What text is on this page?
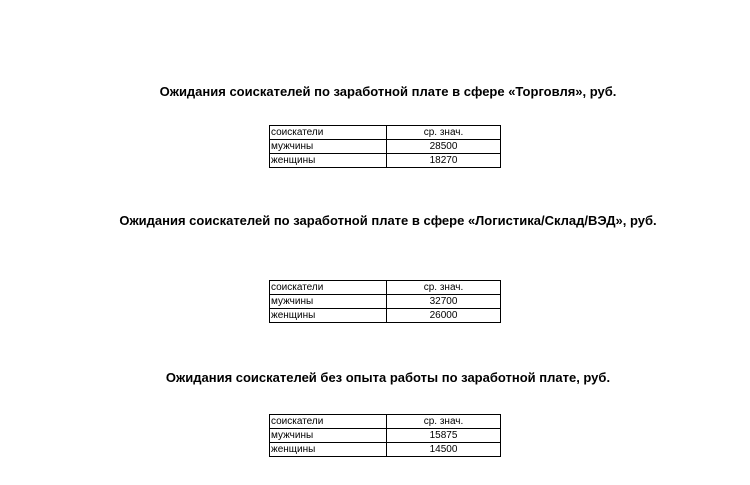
Ожидания соискателей по заработной плате в сфере «Торговля», руб.
соискатели	ср. знач.
мужчины	28500
женщины	18270
Ожидания соискателей по заработной плате в сфере «Логистика/Склад/ВЭД», руб.
соискатели	ср. знач.
мужчины	32700
женщины	26000
Ожидания соискателей без опыта работы по заработной плате, руб.
соискатели	ср. знач.
мужчины	15875
женщины	14500
